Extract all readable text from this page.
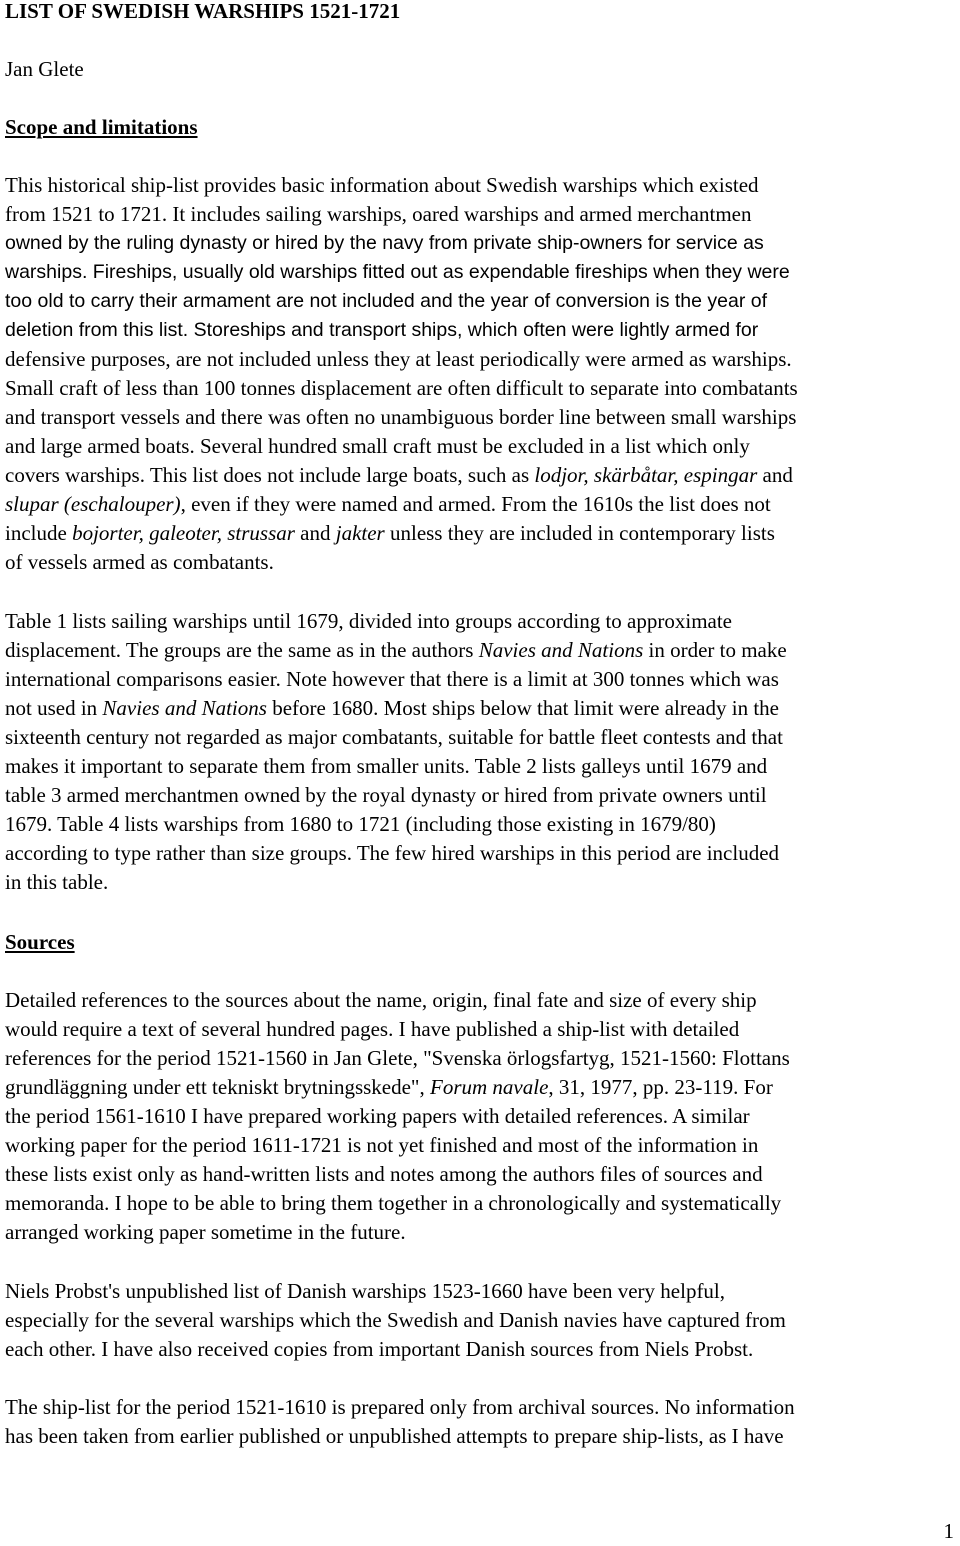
LIST OF SWEDISH WARSHIPS 1521-1721

Jan Glete

Scope and limitations

This historical ship-list provides basic information about Swedish warships which existed
from 1521 to 1721. It includes sailing warships, oared warships and armed merchantmen
owned by the ruling dynasty or hired by the navy from private ship-owners for service as
warships. Fireships, usually old warships fitted out as expendable fireships when they were
too old to carry their armament are not included and the year of conversion is the year of
deletion from this list. Storeships and transport ships, which often were lightly armed for
defensive purposes, are not included unless they at least periodically were armed as warships.
Small craft of less than 100 tonnes displacement are often difficult to separate into combatants
and transport vessels and there was often no unambiguous border line between small warships
and large armed boats. Several hundred small craft must be excluded in a list which only
covers warships. This list does not include large boats, such as lodjor, skärbåtar, espingar and
slupar (eschalouper), even if they were named and armed. From the 1610s the list does not
include bojorter, galeoter, strussar and jakter unless they are included in contemporary lists
of vessels armed as combatants.

Table 1 lists sailing warships until 1679, divided into groups according to approximate
displacement. The groups are the same as in the authors Navies and Nations in order to make
international comparisons easier. Note however that there is a limit at 300 tonnes which was
not used in Navies and Nations before 1680. Most ships below that limit were already in the
sixteenth century not regarded as major combatants, suitable for battle fleet contests and that
makes it important to separate them from smaller units. Table 2 lists galleys until 1679 and
table 3 armed merchantmen owned by the royal dynasty or hired from private owners until
1679. Table 4 lists warships from 1680 to 1721 (including those existing in 1679/80)
according to type rather than size groups. The few hired warships in this period are included
in this table.

Sources

Detailed references to the sources about the name, origin, final fate and size of every ship
would require a text of several hundred pages. I have published a ship-list with detailed
references for the period 1521-1560 in Jan Glete, "Svenska örlogsfartyg, 1521-1560: Flottans
grundläggning under ett tekniskt brytningsskede", Forum navale, 31, 1977, pp. 23-119. For
the period 1561-1610 I have prepared working papers with detailed references. A similar
working paper for the period 1611-1721 is not yet finished and most of the information in
these lists exist only as hand-written lists and notes among the authors files of sources and
memoranda. I hope to be able to bring them together in a chronologically and systematically
arranged working paper sometime in the future.

Niels Probst's unpublished list of Danish warships 1523-1660 have been very helpful,
especially for the several warships which the Swedish and Danish navies have captured from
each other. I have also received copies from important Danish sources from Niels Probst.

The ship-list for the period 1521-1610 is prepared only from archival sources. No information
has been taken from earlier published or unpublished attempts to prepare ship-lists, as I have

1
